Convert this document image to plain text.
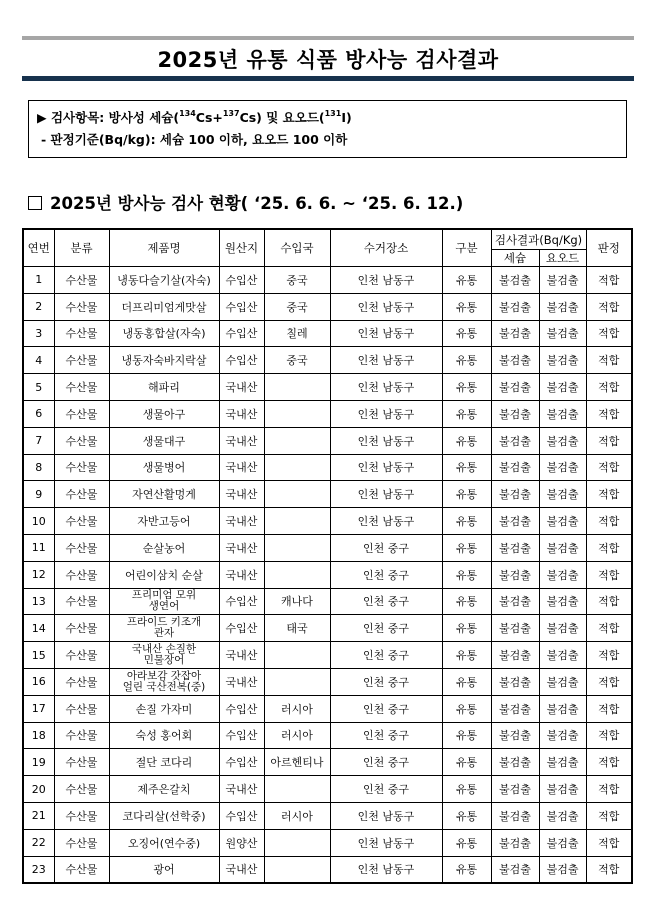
2025년 유통 식품 방사능 검사결과
▶ 검사항목: 방사성 세슘($^{134}$Cs+$^{137}$Cs) 및 요오드($^{131}$I)
- 판정기준(Bq/kg): 세슘 100 이하, 요오드 100 이하
2025년 방사능 검사 현황( ‘25. 6. 6. ~ ‘25. 6. 12.)
연번	분류	제품명	원산지	수입국	수거장소	구분	검사결과(Bq/Kg)		판정
							세슘	요오드	
1	수산물	냉동다슬기살(자숙)	수입산	중국	인천 남동구	유통	불검출	불검출	적합
2	수산물	더프리미엄게맛살	수입산	중국	인천 남동구	유통	불검출	불검출	적합
3	수산물	냉동홍합살(자숙)	수입산	칠레	인천 남동구	유통	불검출	불검출	적합
4	수산물	냉동자숙바지락살	수입산	중국	인천 남동구	유통	불검출	불검출	적합
5	수산물	해파리	국내산		인천 남동구	유통	불검출	불검출	적합
6	수산물	생물아구	국내산		인천 남동구	유통	불검출	불검출	적합
7	수산물	생물대구	국내산		인천 남동구	유통	불검출	불검출	적합
8	수산물	생물병어	국내산		인천 남동구	유통	불검출	불검출	적합
9	수산물	자연산활멍게	국내산		인천 남동구	유통	불검출	불검출	적합
10	수산물	자반고등어	국내산		인천 남동구	유통	불검출	불검출	적합
11	수산물	순살농어	국내산		인천 중구	유통	불검출	불검출	적합
12	수산물	어린이삼치 순살	국내산		인천 중구	유통	불검출	불검출	적합
13	수산물	프리미엄 모위
생연어	수입산	캐나다	인천 중구	유통	불검출	불검출	적합
14	수산물	프라이드 키조개
관자	수입산	태국	인천 중구	유통	불검출	불검출	적합
15	수산물	국내산 손질한
민물장어	국내산		인천 중구	유통	불검출	불검출	적합
16	수산물	아라보감 갓잡아
얼린 국산전복(중)	국내산		인천 중구	유통	불검출	불검출	적합
17	수산물	손질 가자미	수입산	러시아	인천 중구	유통	불검출	불검출	적합
18	수산물	숙성 홍어회	수입산	러시아	인천 중구	유통	불검출	불검출	적합
19	수산물	절단 코다리	수입산	아르헨티나	인천 중구	유통	불검출	불검출	적합
20	수산물	제주은갈치	국내산		인천 중구	유통	불검출	불검출	적합
21	수산물	코다리살(선학중)	수입산	러시아	인천 남동구	유통	불검출	불검출	적합
22	수산물	오징어(연수중)	원양산		인천 남동구	유통	불검출	불검출	적합
23	수산물	광어	국내산		인천 남동구	유통	불검출	불검출	적합
